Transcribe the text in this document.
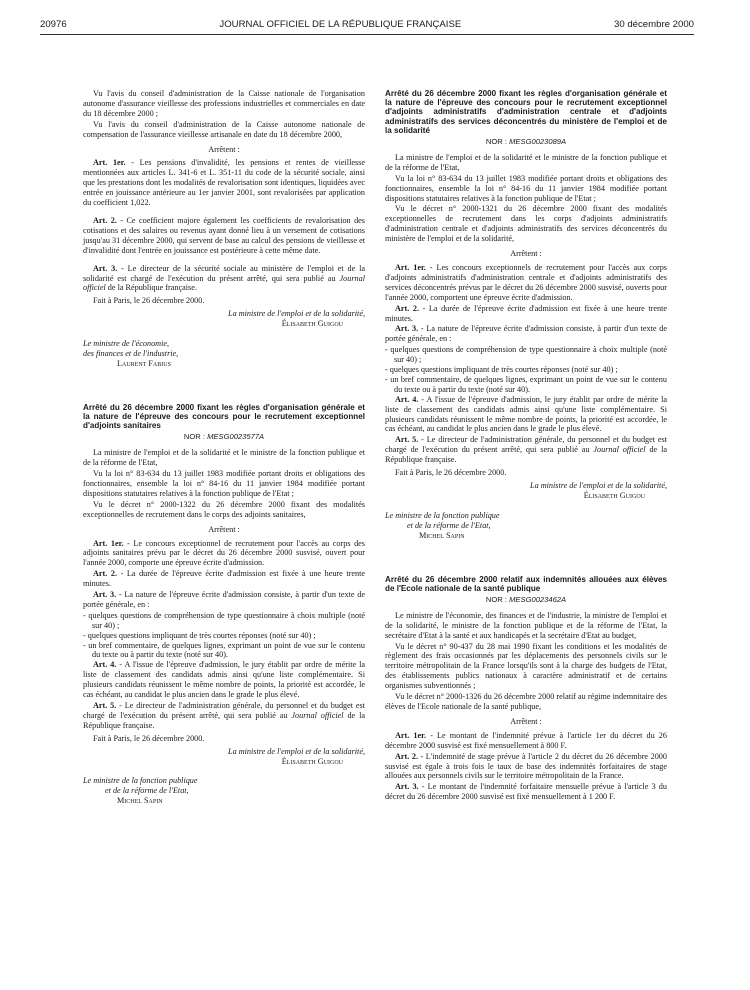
20976	JOURNAL OFFICIEL DE LA RÉPUBLIQUE FRANÇAISE	30 décembre 2000

Vu l'avis du conseil d'administration de la Caisse nationale de l'organisation autonome d'assurance vieillesse des professions industrielles et commerciales en date du 18 décembre 2000 ;

Vu l'avis du conseil d'administration de la Caisse autonome nationale de compensation de l'assurance vieillesse artisanale en date du 18 décembre 2000,

Arrêtent :

Art. 1er. - Les pensions d'invalidité, les pensions et rentes de vieillesse mentionnées aux articles L. 341-6 et L. 351-11 du code de la sécurité sociale, ainsi que les prestations dont les modalités de revalorisation sont identiques, liquidées avec entrée en jouissance antérieure au 1er janvier 2001, sont revalorisées par application du coefficient 1,022.

Art. 2. - Ce coefficient majore également les coefficients de revalorisation des cotisations et des salaires ou revenus ayant donné lieu à un versement de cotisations jusqu'au 31 décembre 2000, qui servent de base au calcul des pensions de vieillesse et d'invalidité dont l'entrée en jouissance est postérieure à cette même date.

Art. 3. - Le directeur de la sécurité sociale au ministère de l'emploi et de la solidarité est chargé de l'exécution du présent arrêté, qui sera publié au Journal officiel de la République française.

Fait à Paris, le 26 décembre 2000.

La ministre de l'emploi et de la solidarité,

Élisabeth Guigou

Le ministre de l'économie,

des finances et de l'industrie,

Laurent Fabius

Arrêté du 26 décembre 2000 fixant les règles d'organisation générale et la nature de l'épreuve des concours pour le recrutement exceptionnel d'adjoints sanitaires
NOR : MESG0023577A

La ministre de l'emploi et de la solidarité et le ministre de la fonction publique et de la réforme de l'Etat,

Vu la loi n° 83-634 du 13 juillet 1983 modifiée portant droits et obligations des fonctionnaires, ensemble la loi n° 84-16 du 11 janvier 1984 modifiée portant dispositions statutaires relatives à la fonction publique de l'Etat ;

Vu le décret n° 2000-1322 du 26 décembre 2000 fixant des modalités exceptionnelles de recrutement dans le corps des adjoints sanitaires,

Arrêtent :

Art. 1er. - Le concours exceptionnel de recrutement pour l'accès au corps des adjoints sanitaires prévu par le décret du 26 décembre 2000 susvisé, ouvert pour l'année 2000, comporte une épreuve écrite d'admission.

Art. 2. - La durée de l'épreuve écrite d'admission est fixée à une heure trente minutes.

Art. 3. - La nature de l'épreuve écrite d'admission consiste, à partir d'un texte de portée générale, en :

- quelques questions de compréhension de type questionnaire à choix multiple (noté sur 40) ;
- quelques questions impliquant de très courtes réponses (noté sur 40) ;
- un bref commentaire, de quelques lignes, exprimant un point de vue sur le contenu du texte ou à partir du texte (noté sur 40).

Art. 4. - A l'issue de l'épreuve d'admission, le jury établit par ordre de mérite la liste de classement des candidats admis ainsi qu'une liste complémentaire. Si plusieurs candidats réunissent le même nombre de points, la priorité est accordée, le cas échéant, au candidat le plus ancien dans le grade le plus élevé.

Art. 5. - Le directeur de l'administration générale, du personnel et du budget est chargé de l'exécution du présent arrêté, qui sera publié au Journal officiel de la République française.

Fait à Paris, le 26 décembre 2000.

La ministre de l'emploi et de la solidarité,

Élisabeth Guigou

Le ministre de la fonction publique

et de la réforme de l'Etat,

Michel Sapin

Arrêté du 26 décembre 2000 fixant les règles d'organisation générale et la nature de l'épreuve des concours pour le recrutement exceptionnel d'adjoints administratifs d'administration centrale et d'adjoints administratifs des services déconcentrés du ministère de l'emploi et de la solidarité
NOR : MESG0023089A

La ministre de l'emploi et de la solidarité et le ministre de la fonction publique et de la réforme de l'Etat,

Vu la loi n° 83-634 du 13 juillet 1983 modifiée portant droits et obligations des fonctionnaires, ensemble la loi n° 84-16 du 11 janvier 1984 modifiée portant dispositions statutaires relatives à la fonction publique de l'Etat ;

Vu le décret n° 2000-1321 du 26 décembre 2000 fixant des modalités exceptionnelles de recrutement dans les corps d'adjoints administratifs d'administration centrale et d'adjoints administratifs des services déconcentrés du ministère de l'emploi et de la solidarité,

Arrêtent :

Art. 1er. - Les concours exceptionnels de recrutement pour l'accès aux corps d'adjoints administratifs d'administration centrale et d'adjoints administratifs des services déconcentrés prévus par le décret du 26 décembre 2000 susvisé, ouverts pour l'année 2000, comportent une épreuve écrite d'admission.

Art. 2. - La durée de l'épreuve écrite d'admission est fixée à une heure trente minutes.

Art. 3. - La nature de l'épreuve écrite d'admission consiste, à partir d'un texte de portée générale, en :

- quelques questions de compréhension de type questionnaire à choix multiple (noté sur 40) ;
- quelques questions impliquant de très courtes réponses (noté sur 40) ;
- un bref commentaire, de quelques lignes, exprimant un point de vue sur le contenu du texte ou à partir du texte (noté sur 40).

Art. 4. - A l'issue de l'épreuve d'admission, le jury établit par ordre de mérite la liste de classement des candidats admis ainsi qu'une liste complémentaire. Si plusieurs candidats réunissent le même nombre de points, la priorité est accordée, le cas échéant, au candidat le plus ancien dans le grade le plus élevé.

Art. 5. - Le directeur de l'administration générale, du personnel et du budget est chargé de l'exécution du présent arrêté, qui sera publié au Journal officiel de la République française.

Fait à Paris, le 26 décembre 2000.

La ministre de l'emploi et de la solidarité,

Élisabeth Guigou

Le ministre de la fonction publique

et de la réforme de l'Etat,

Michel Sapin

Arrêté du 26 décembre 2000 relatif aux indemnités allouées aux élèves de l'Ecole nationale de la santé publique
NOR : MESG0023462A

Le ministre de l'économie, des finances et de l'industrie, la ministre de l'emploi et de la solidarité, le ministre de la fonction publique et de la réforme de l'Etat, la secrétaire d'Etat à la santé et aux handicapés et la secrétaire d'Etat au budget,

Vu le décret n° 90-437 du 28 mai 1990 fixant les conditions et les modalités de règlement des frais occasionnés par les déplacements des personnels civils sur le territoire métropolitain de la France lorsqu'ils sont à la charge des budgets de l'Etat, des établissements publics nationaux à caractère administratif et de certains organismes subventionnés ;

Vu le décret n° 2000-1326 du 26 décembre 2000 relatif au régime indemnitaire des élèves de l'Ecole nationale de la santé publique,

Arrêtent :

Art. 1er. - Le montant de l'indemnité prévue à l'article 1er du décret du 26 décembre 2000 susvisé est fixé mensuellement à 800 F.

Art. 2. - L'indemnité de stage prévue à l'article 2 du décret du 26 décembre 2000 susvisé est égale à trois fois le taux de base des indemnités forfaitaires de stage allouées aux personnels civils sur le territoire métropolitain de la France.

Art. 3. - Le montant de l'indemnité forfaitaire mensuelle prévue à l'article 3 du décret du 26 décembre 2000 susvisé est fixé mensuellement à 1 200 F.
